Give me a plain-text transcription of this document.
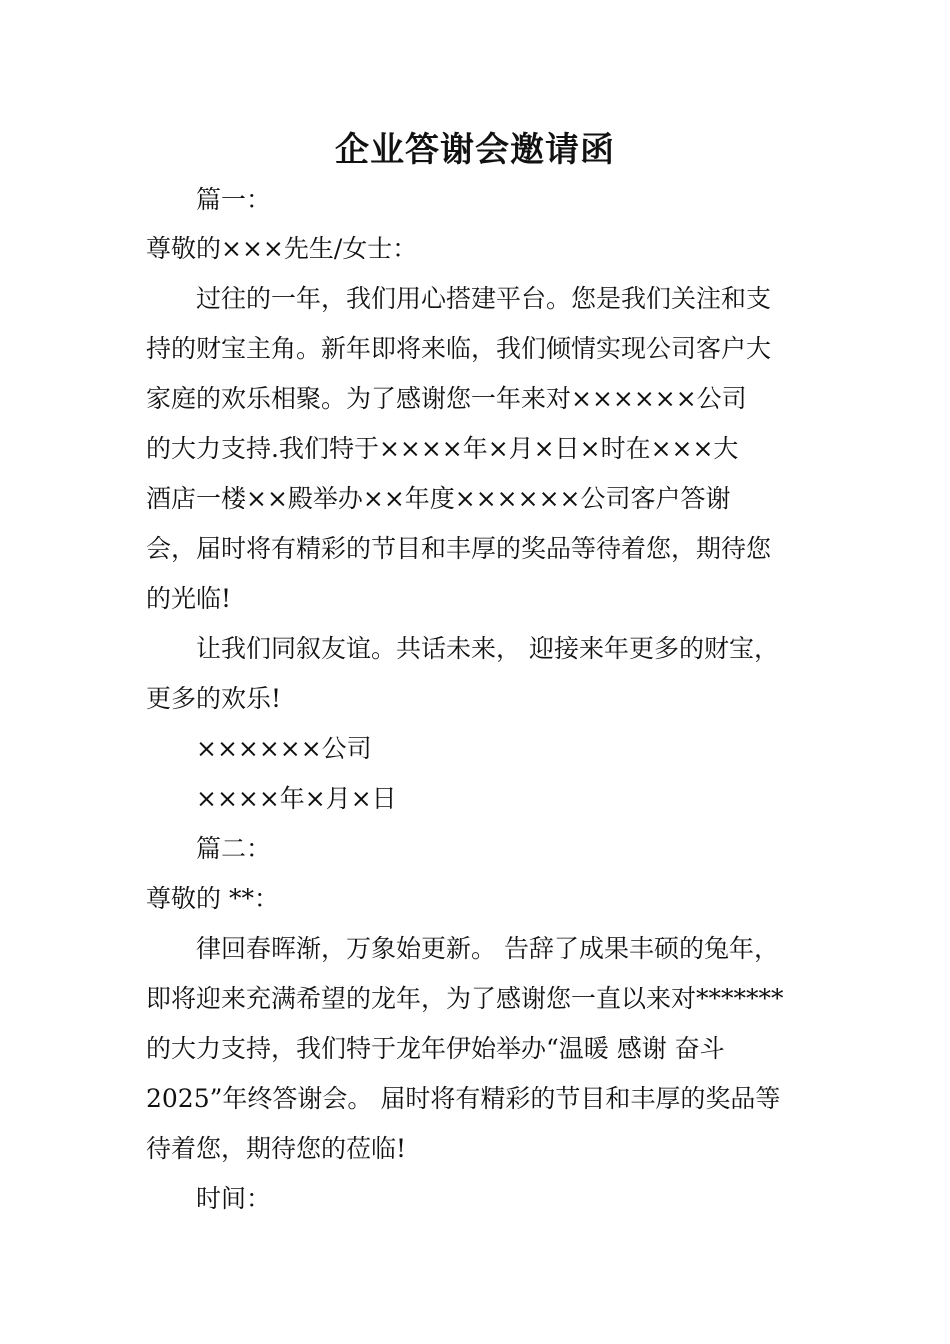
企业答谢会邀请函
篇一：
尊敬的×××先生/女士：
过往的一年，我们用心搭建平台。您是我们关注和支
持的财宝主角。新年即将来临，我们倾情实现公司客户大
家庭的欢乐相聚。为了感谢您一年来对××××××公司
的大力支持.我们特于××××年×月×日×时在×××大
酒店一楼××殿举办××年度××××××公司客户答谢
会，届时将有精彩的节目和丰厚的奖品等待着您，期待您
的光临!
让我们同叙友谊。共话未来， 迎接来年更多的财宝，
更多的欢乐!
××××××公司
××××年×月×日
篇二：
尊敬的 **：
律回春晖渐，万象始更新。 告辞了成果丰硕的兔年，
即将迎来充满希望的龙年，为了感谢您一直以来对*******
的大力支持，我们特于龙年伊始举办“温暖 感谢 奋斗
2025”年终答谢会。 届时将有精彩的节目和丰厚的奖品等
待着您，期待您的莅临!
时间：
